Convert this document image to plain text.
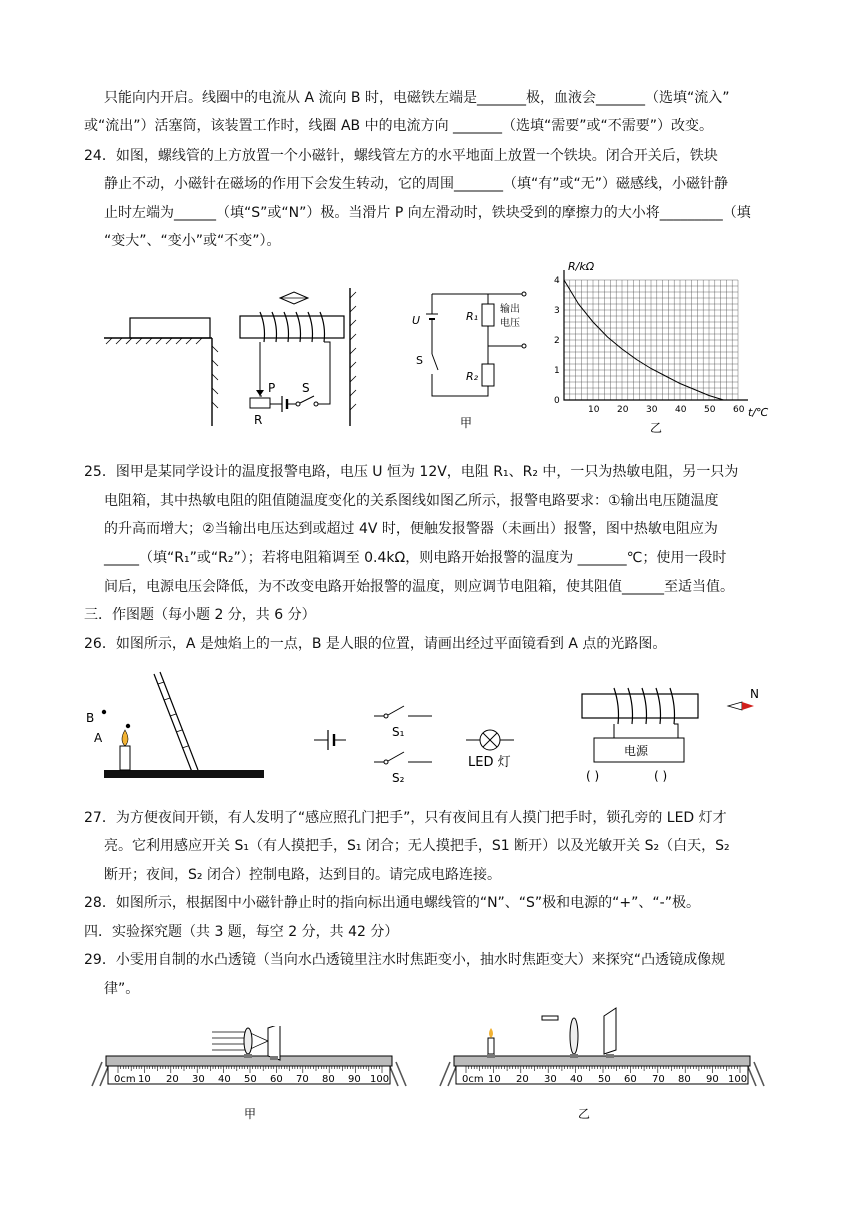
只能向内开启。线圈中的电流从 A 流向 B 时，电磁铁左端是_______极，血液会_______（选填“流入”
或“流出”）活塞筒，该装置工作时，线圈 AB 中的电流方向 _______（选填“需要”或“不需要”）改变。
24．如图，螺线管的上方放置一个小磁针，螺线管左方的水平地面上放置一个铁块。闭合开关后，铁块
静止不动，小磁针在磁场的作用下会发生转动，它的周围_______（填“有”或“无”）磁感线，小磁针静
止时左端为______（填“S”或“N”）极。当滑片 P 向左滑动时，铁块受到的摩擦力的大小将_________（填
“变大”、“变小”或“不变”）。
P S
R
U
S
R₁
R₂
输出
电压
甲
10 20 30 40 50 60
0
1
2
3
4
R/kΩ
t/℃
乙
25．图甲是某同学设计的温度报警电路，电压 U 恒为 12V，电阻 R₁、R₂ 中，一只为热敏电阻，另一只为
电阻箱，其中热敏电阻的阻值随温度变化的关系图线如图乙所示，报警电路要求：①输出电压随温度
的升高而增大；②当输出电压达到或超过 4V 时，便触发报警器（未画出）报警，图中热敏电阻应为
_____（填“R₁”或“R₂”）；若将电阻箱调至 0.4kΩ，则电路开始报警的温度为 _______℃；使用一段时
间后，电源电压会降低，为不改变电路开始报警的温度，则应调节电阻箱，使其阻值______至适当值。
三．作图题（每小题 2 分，共 6 分）
26．如图所示，A 是烛焰上的一点，B 是人眼的位置，请画出经过平面镜看到 A 点的光路图。
B
A	S₁
S₂
LED 灯
电源
( )	( )
N
27．为方便夜间开锁，有人发明了“感应照孔门把手”，只有夜间且有人摸门把手时，锁孔旁的 LED 灯才
亮。它利用感应开关 S₁（有人摸把手，S₁ 闭合；无人摸把手，S1 断开）以及光敏开关 S₂（白天，S₂
断开；夜间，S₂ 闭合）控制电路，达到目的。请完成电路连接。
28．如图所示，根据图中小磁针静止时的指向标出通电螺线管的“N”、“S”极和电源的“+”、“-”极。
四．实验探究题（共 3 题，每空 2 分，共 42 分）
29．小雯用自制的水凸透镜（当向水凸透镜里注水时焦距变小，抽水时焦距变大）来探究“凸透镜成像规
律”。
0cm 10 20 30 40 50 60 70 80 90 100
甲
0cm 10 20 30 40 50 60 70 80 90 100
乙
